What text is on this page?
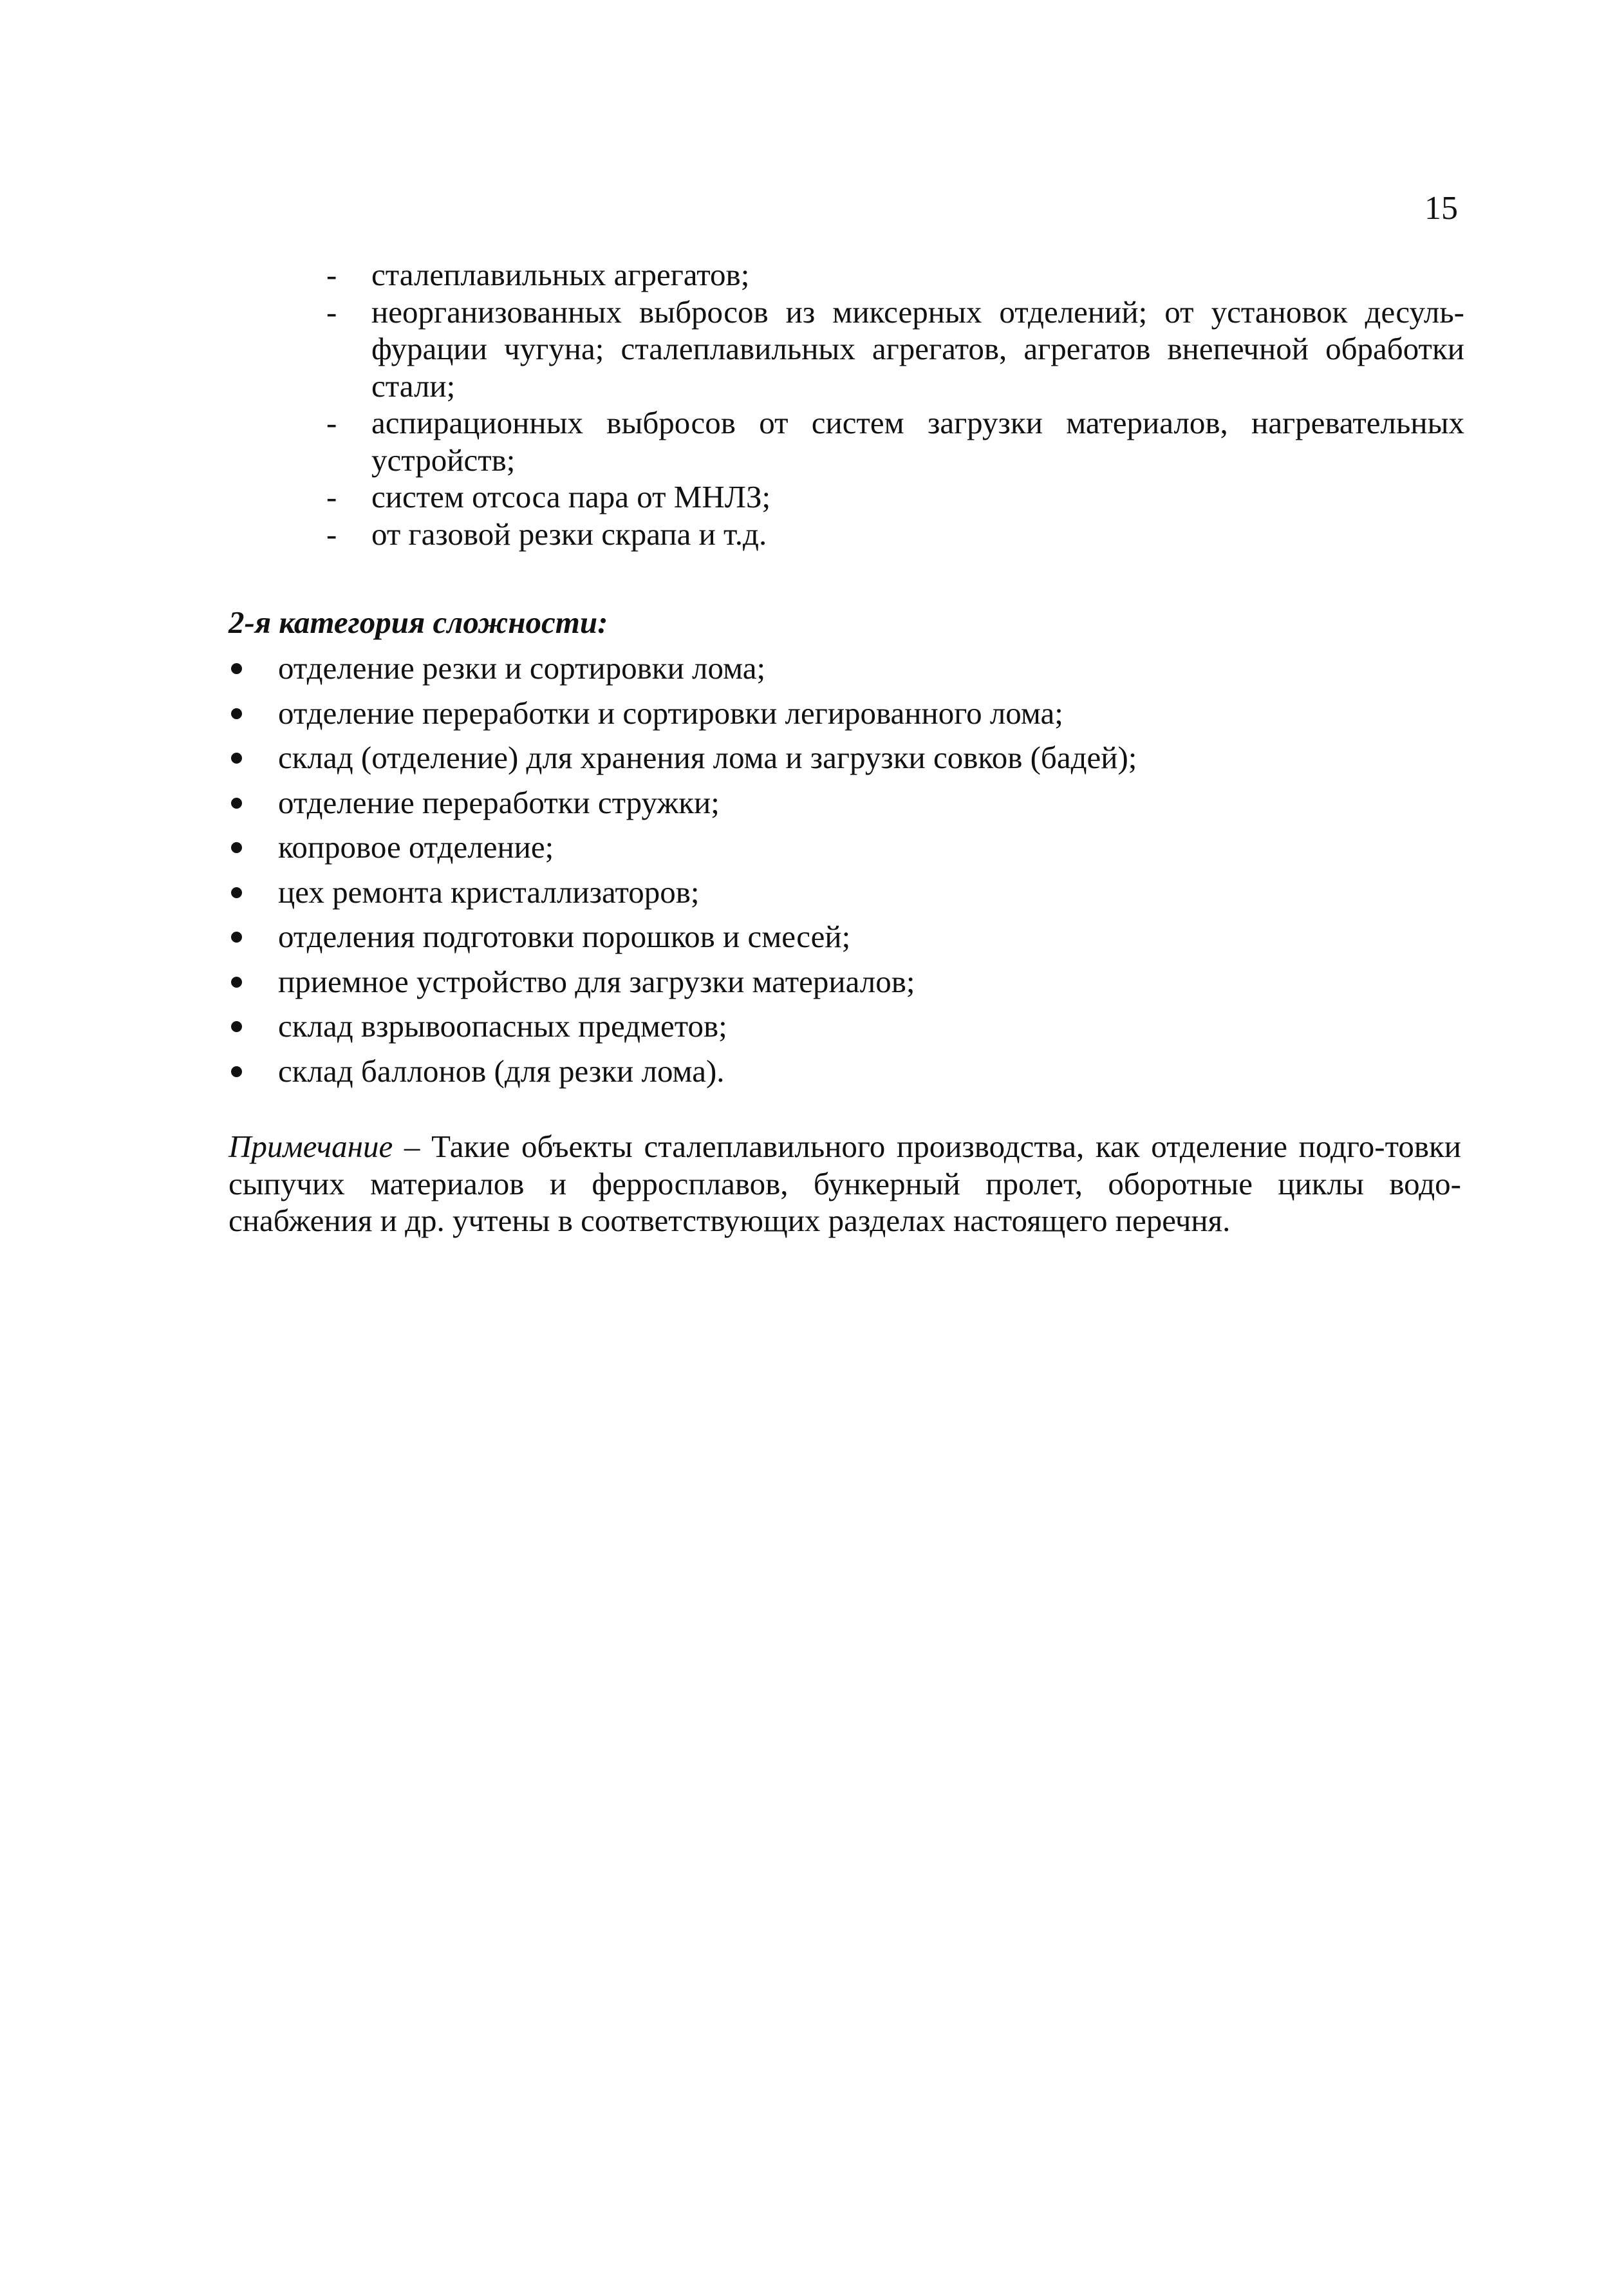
15
- сталеплавильных агрегатов;
- неорганизованных выбросов из миксерных отделений; от установок десуль-фурации чугуна; сталеплавильных агрегатов, агрегатов внепечной обработки стали;
- аспирационных выбросов от систем загрузки материалов, нагревательных устройств;
- систем отсоса пара от МНЛЗ;
- от газовой резки скрапа и т.д.

2-я категория сложности:

отделение резки и сортировки лома;
отделение переработки и сортировки легированного лома;
склад (отделение) для хранения лома и загрузки совков (бадей);
отделение переработки стружки;
копровое отделение;
цех ремонта кристаллизаторов;
отделения подготовки порошков и смесей;
приемное устройство для загрузки материалов;
склад взрывоопасных предметов;
склад баллонов (для резки лома).

Примечание – Такие объекты сталеплавильного производства, как отделение подго-товки сыпучих материалов и ферросплавов, бункерный пролет, оборотные циклы водо-снабжения и др. учтены в соответствующих разделах настоящего перечня.
